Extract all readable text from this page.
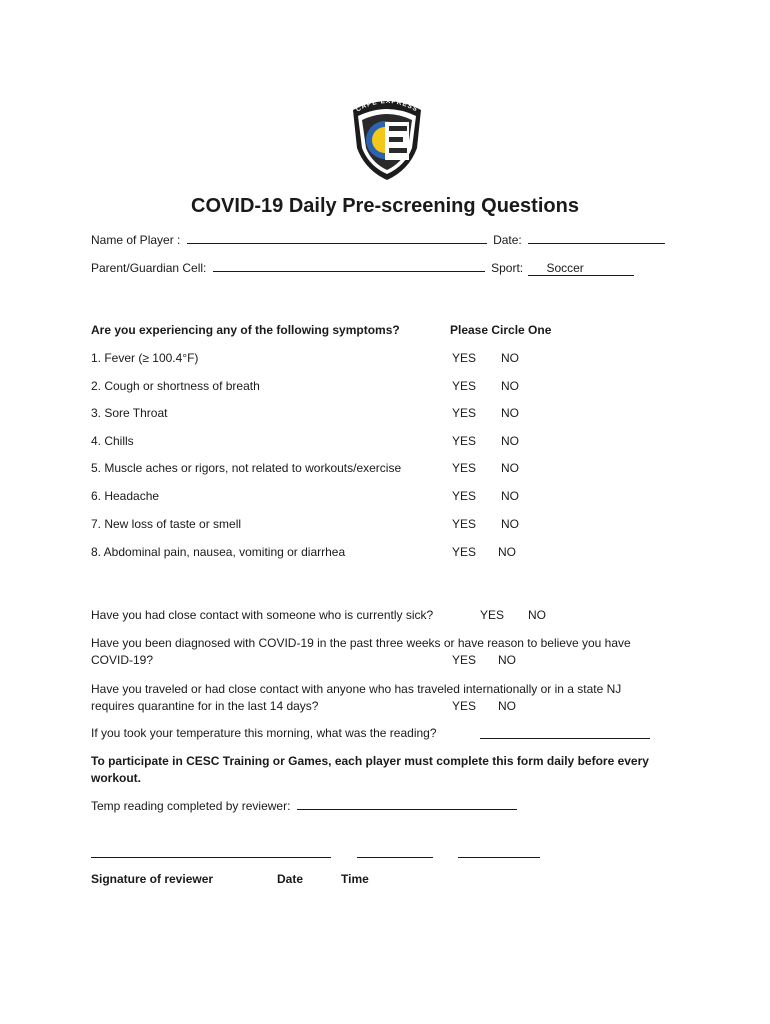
CAPE EXPRESS
COVID-19 Daily Pre-screening Questions
Name of Player :	Date:
Parent/Guardian Cell:	Sport: Soccer
Are you experiencing any of the following symptoms?	Please Circle One
1. Fever (≥ 100.4°F)	YES NO
2. Cough or shortness of breath	YES NO
3. Sore Throat	YES NO
4. Chills	YES NO
5. Muscle aches or rigors, not related to workouts/exercise	YES NO
6. Headache	YES NO
7. New loss of taste or smell	YES NO
8. Abdominal pain, nausea, vomiting or diarrhea	YES NO
Have you had close contact with someone who is currently sick?	YES NO
Have you been diagnosed with COVID-19 in the past three weeks or have reason to believe you have
COVID-19?	YES NO
Have you traveled or had close contact with anyone who has traveled internationally or in a state NJ
requires quarantine for in the last 14 days?	YES NO
If you took your temperature this morning, what was the reading?
To participate in CESC Training or Games, each player must complete this form daily before every
workout.
Temp reading completed by reviewer:
Signature of reviewer	Date	Time
